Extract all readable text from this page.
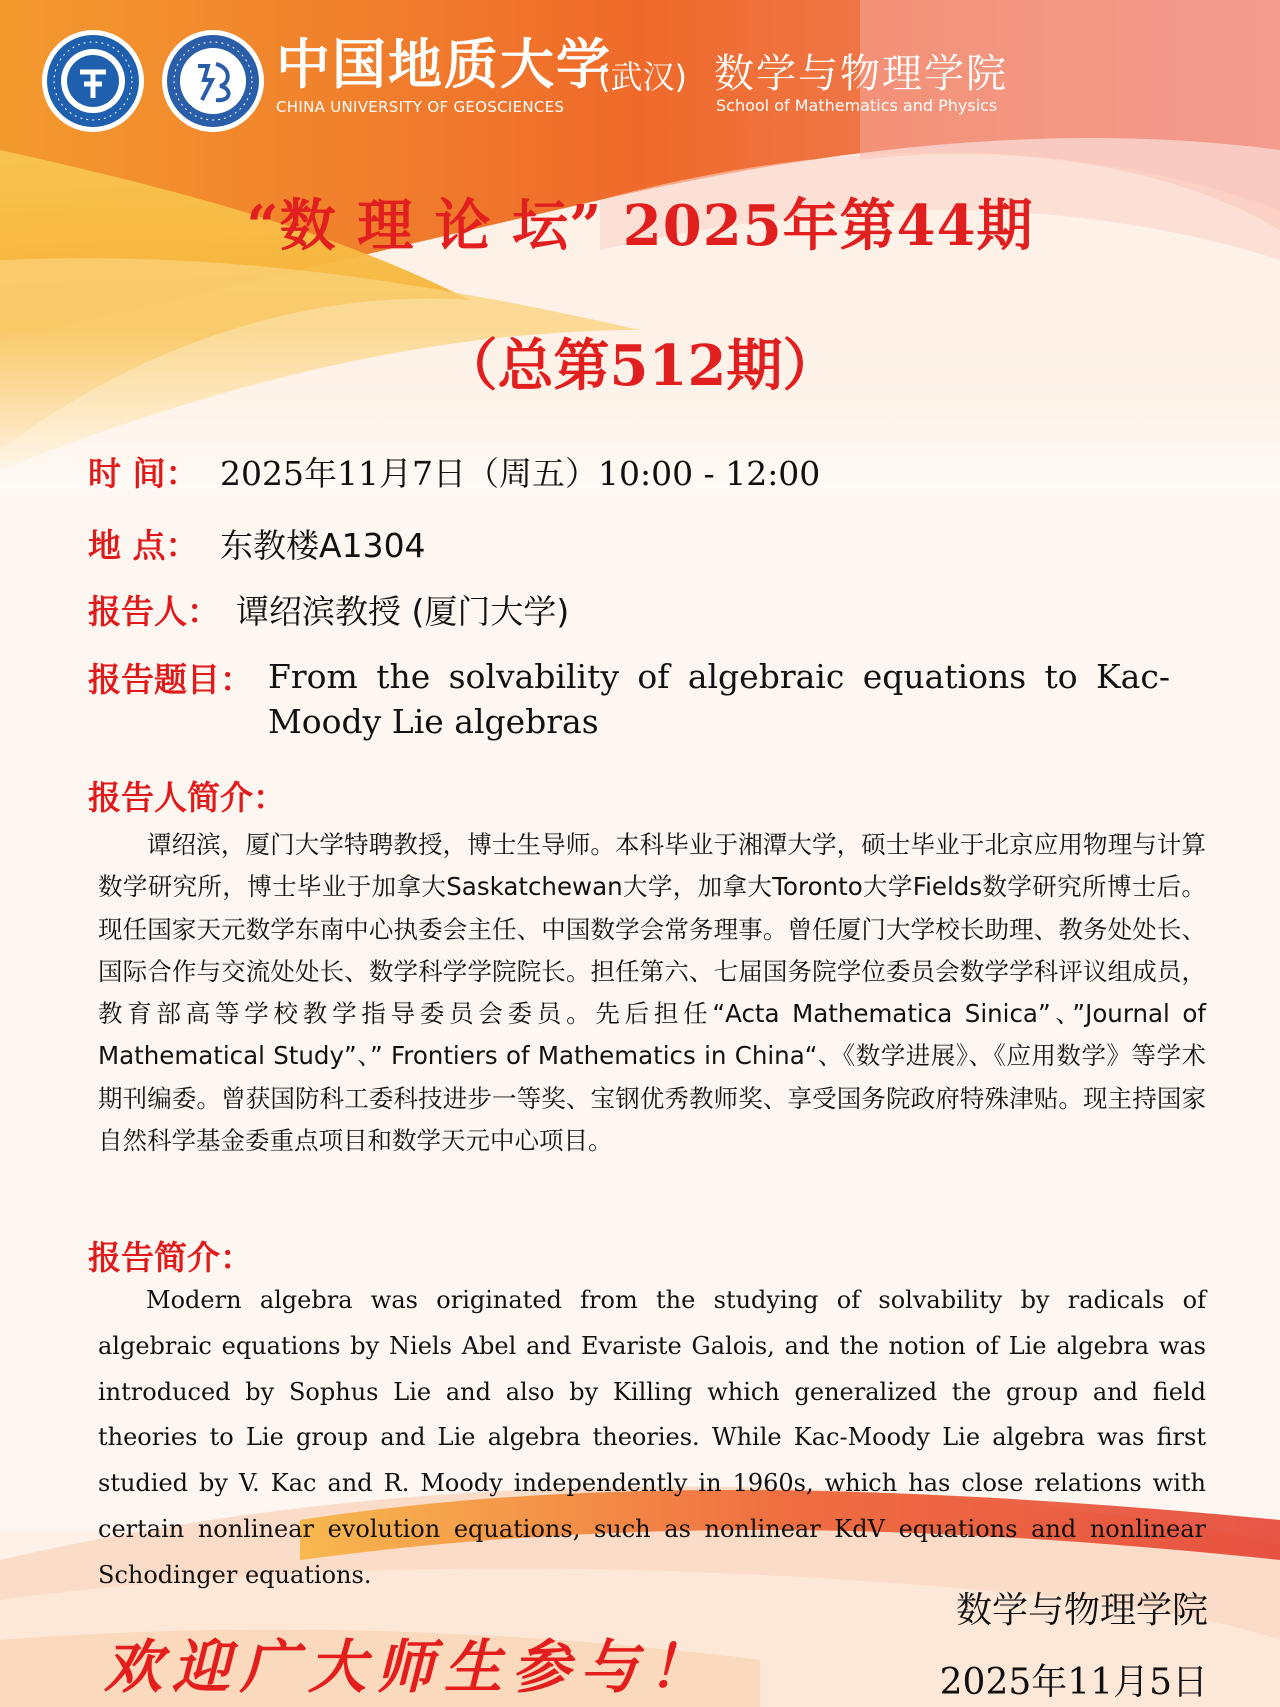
中国地质大学
(武汉)
CHINA UNIVERSITY OF GEOSCIENCES
数学与物理学院
School of Mathematics and Physics
“数 理 论 坛” 2025年第44期
（总第512期）
时 间： 2025年11月7日（周五）10:00 - 12:00
地 点： 东教楼A1304
报告人： 谭绍滨教授 (厦门大学)
报告题目： From the solvability of algebraic equations to Kac-Moody Lie algebras
报告人简介：

谭绍滨，厦门大学特聘教授，博士生导师。本科毕业于湘潭大学，硕士毕业于北京应用物理与计算数学研究所，博士毕业于加拿大Saskatchewan大学，加拿大Toronto大学Fields数学研究所博士后。现任国家天元数学东南中心执委会主任、中国数学会常务理事。曾任厦门大学校长助理、教务处处长、国际合作与交流处处长、数学科学学院院长。担任第六、七届国务院学位委员会数学学科评议组成员，教育部高等学校教学指导委员会委员。先后担任“Acta Mathematica Sinica”、”Journal of Mathematical Study”、” Frontiers of Mathematics in China“、《数学进展》、《应用数学》等学术期刊编委。曾获国防科工委科技进步一等奖、宝钢优秀教师奖、享受国务院政府特殊津贴。现主持国家自然科学基金委重点项目和数学天元中心项目。

报告简介：

Modern algebra was originated from the studying of solvability by radicals of algebraic equations by Niels Abel and Evariste Galois, and the notion of Lie algebra was introduced by Sophus Lie and also by Killing which generalized the group and field theories to Lie group and Lie algebra theories. While Kac-Moody Lie algebra was first studied by V. Kac and R. Moody independently in 1960s, which has close relations with certain nonlinear evolution equations, such as nonlinear KdV equations and nonlinear Schodinger equations.

欢迎广大师生参与！
数学与物理学院
2025年11月5日
